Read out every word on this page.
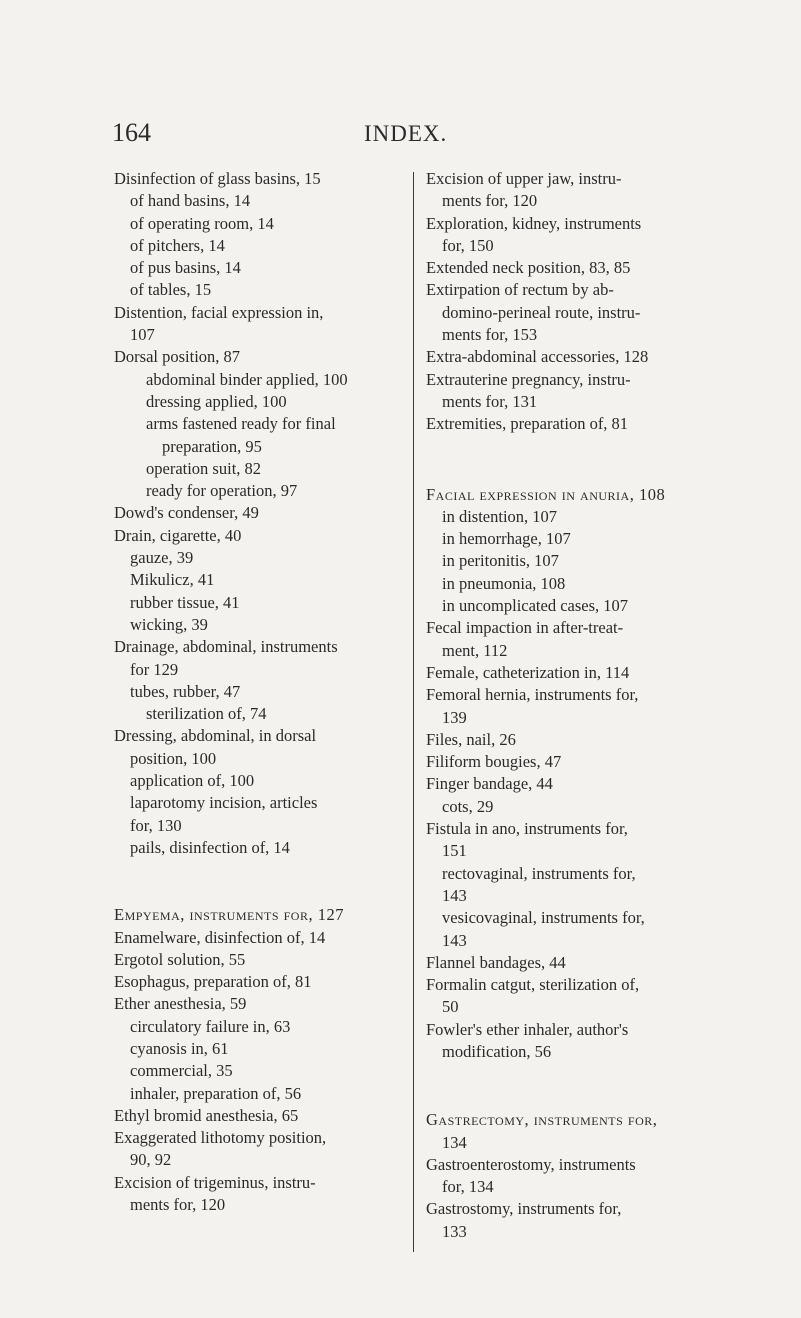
164	INDEX.
Disinfection of glass basins, 15
of hand basins, 14
of operating room, 14
of pitchers, 14
of pus basins, 14
of tables, 15
Distention, facial expression in,
107
Dorsal position, 87
abdominal binder applied, 100
dressing applied, 100
arms fastened ready for final
preparation, 95
operation suit, 82
ready for operation, 97
Dowd's condenser, 49
Drain, cigarette, 40
gauze, 39
Mikulicz, 41
rubber tissue, 41
wicking, 39
Drainage, abdominal, instruments
for 129
tubes, rubber, 47
sterilization of, 74
Dressing, abdominal, in dorsal
position, 100
application of, 100
laparotomy incision, articles
for, 130
pails, disinfection of, 14
Empyema, instruments for, 127
Enamelware, disinfection of, 14
Ergotol solution, 55
Esophagus, preparation of, 81
Ether anesthesia, 59
circulatory failure in, 63
cyanosis in, 61
commercial, 35
inhaler, preparation of, 56
Ethyl bromid anesthesia, 65
Exaggerated lithotomy position,
90, 92
Excision of trigeminus, instru-
ments for, 120
Excision of upper jaw, instru-
ments for, 120
Exploration, kidney, instruments
for, 150
Extended neck position, 83, 85
Extirpation of rectum by ab-
domino-perineal route, instru-
ments for, 153
Extra-abdominal accessories, 128
Extrauterine pregnancy, instru-
ments for, 131
Extremities, preparation of, 81
Facial expression in anuria, 108
in distention, 107
in hemorrhage, 107
in peritonitis, 107
in pneumonia, 108
in uncomplicated cases, 107
Fecal impaction in after-treat-
ment, 112
Female, catheterization in, 114
Femoral hernia, instruments for,
139
Files, nail, 26
Filiform bougies, 47
Finger bandage, 44
cots, 29
Fistula in ano, instruments for,
151
rectovaginal, instruments for,
143
vesicovaginal, instruments for,
143
Flannel bandages, 44
Formalin catgut, sterilization of,
50
Fowler's ether inhaler, author's
modification, 56
Gastrectomy, instruments for,
134
Gastroenterostomy, instruments
for, 134
Gastrostomy, instruments for,
133
